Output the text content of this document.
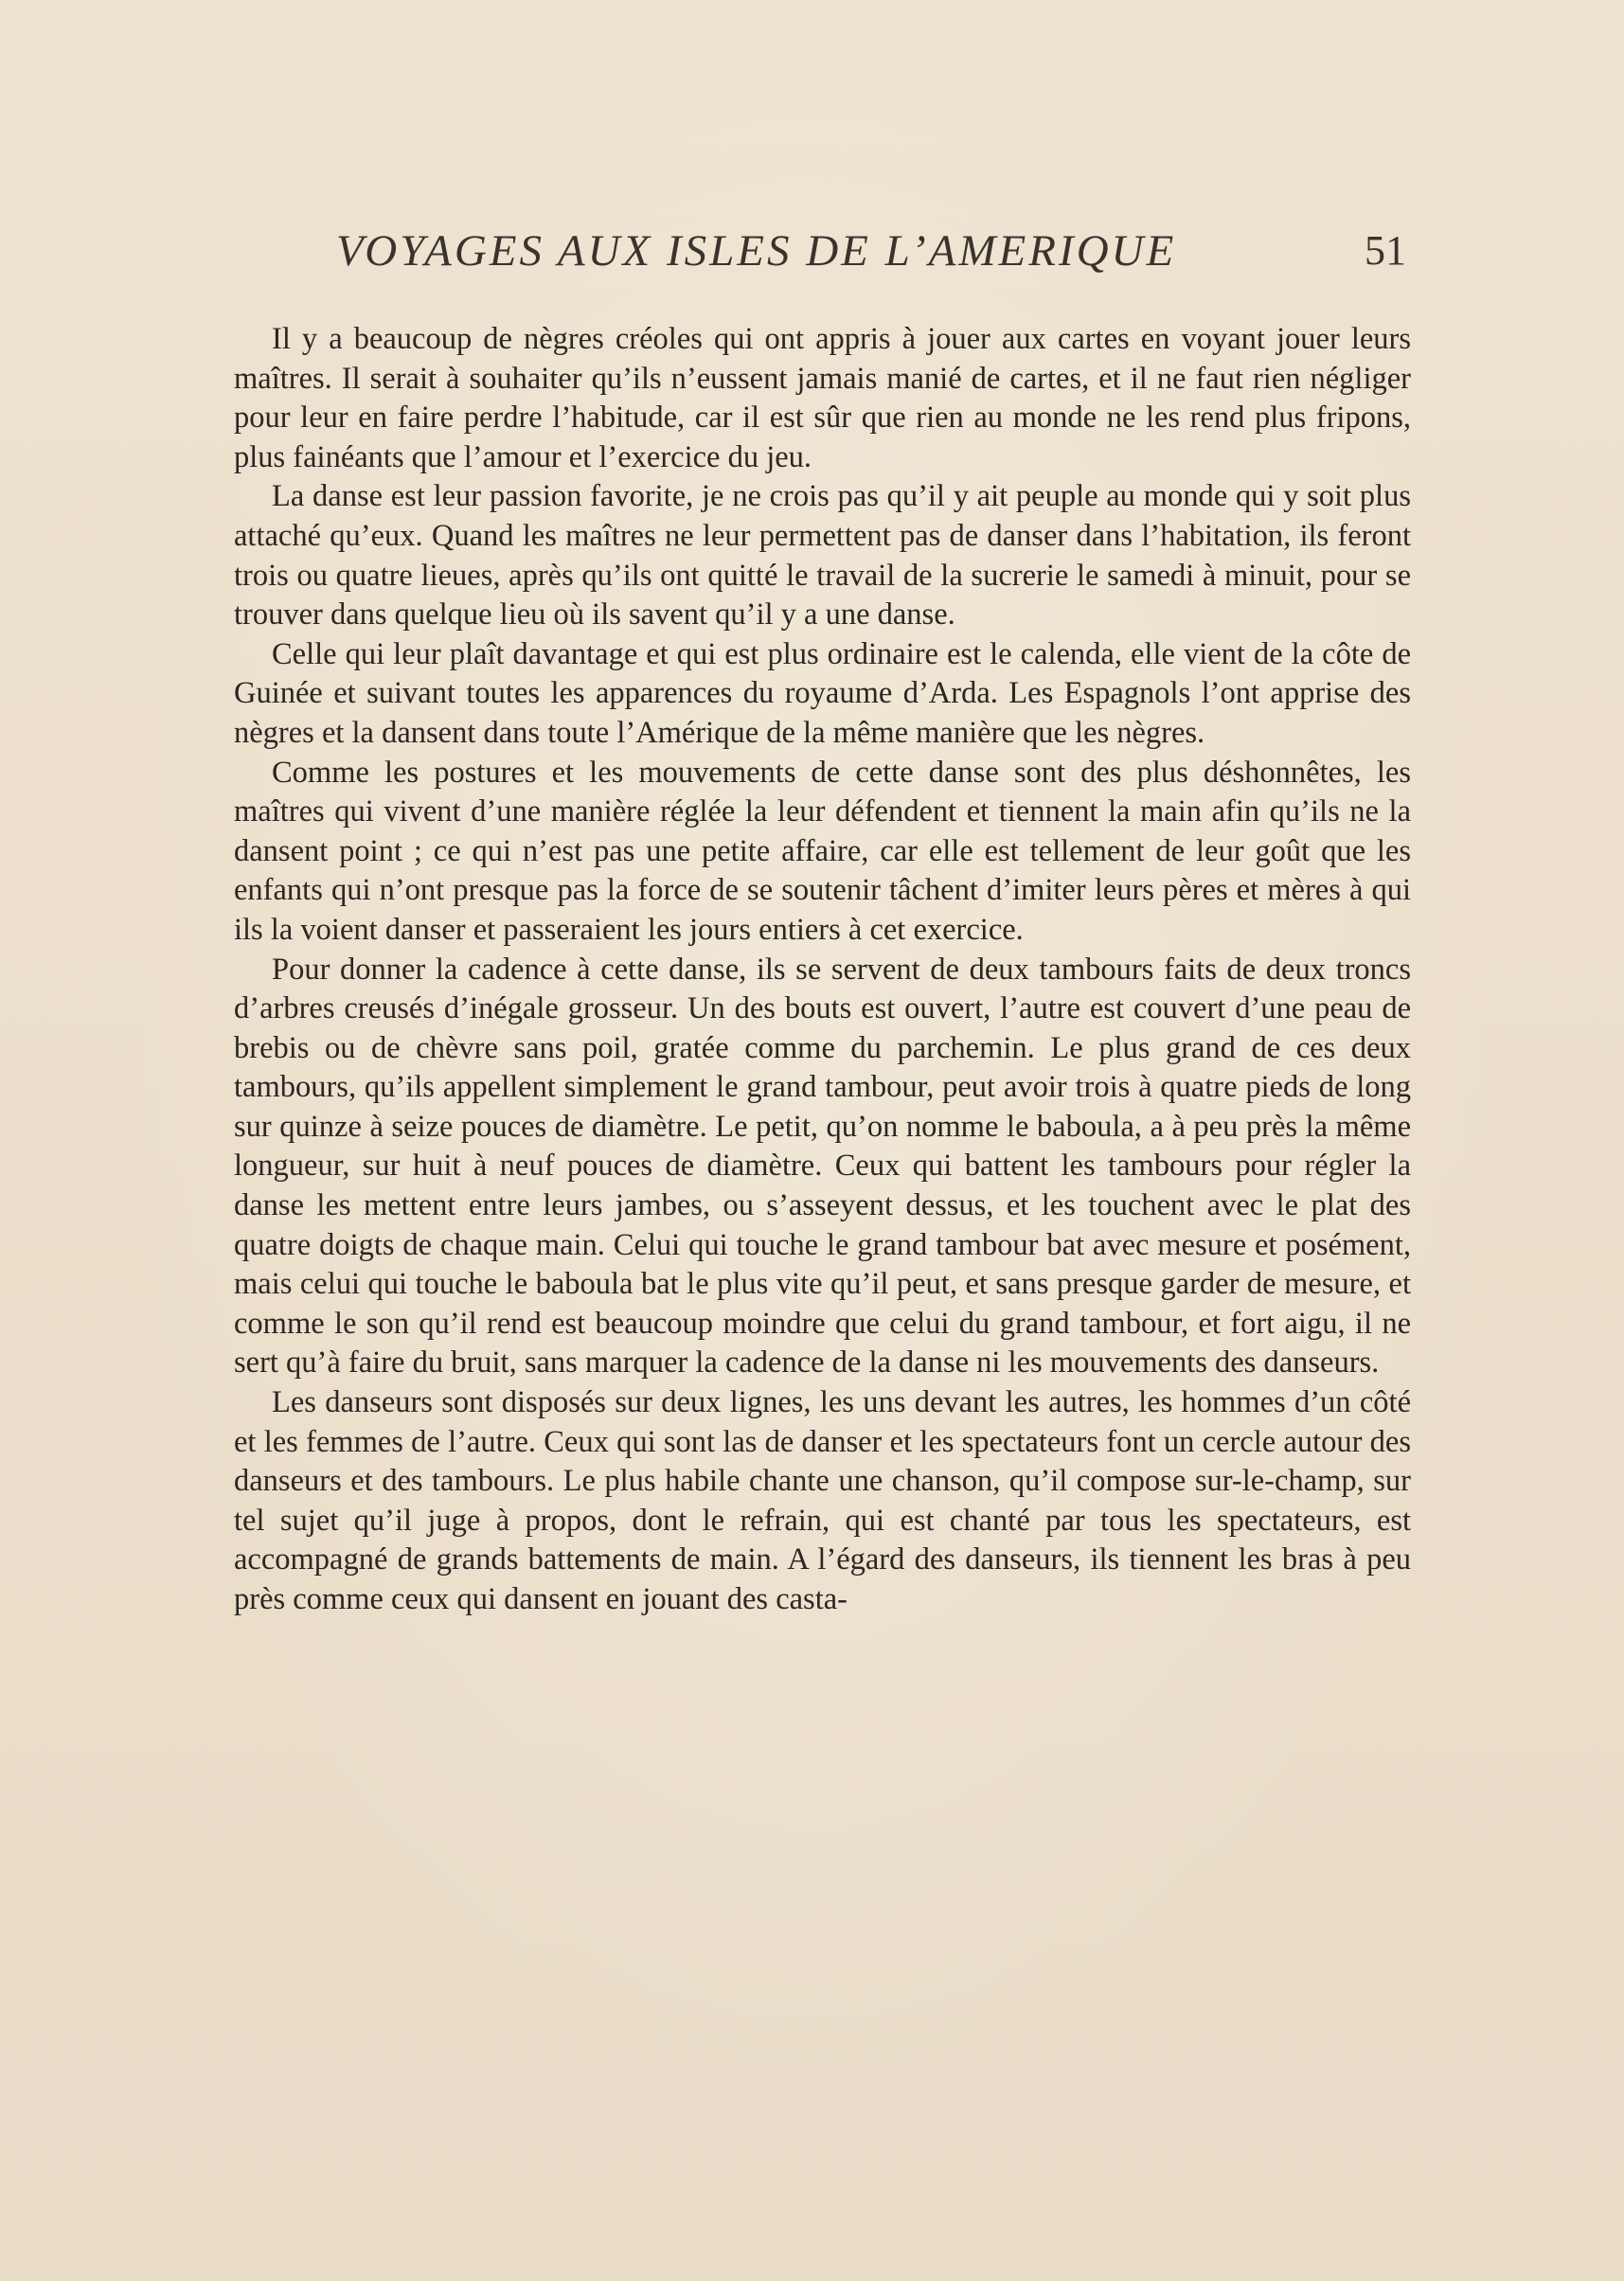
VOYAGES AUX ISLES DE L’AMERIQUE	51

Il y a beaucoup de nègres créoles qui ont appris à jouer aux cartes en voyant jouer leurs maîtres. Il serait à souhaiter qu’ils n’eussent jamais manié de cartes, et il ne faut rien négliger pour leur en faire perdre l’habitude, car il est sûr que rien au monde ne les rend plus fripons, plus fainéants que l’amour et l’exercice du jeu.

La danse est leur passion favorite, je ne crois pas qu’il y ait peuple au monde qui y soit plus attaché qu’eux. Quand les maîtres ne leur permettent pas de danser dans l’habitation, ils feront trois ou quatre lieues, après qu’ils ont quitté le travail de la sucrerie le samedi à minuit, pour se trouver dans quelque lieu où ils savent qu’il y a une danse.

Celle qui leur plaît davantage et qui est plus ordinaire est le calenda, elle vient de la côte de Guinée et suivant toutes les apparences du royaume d’Arda. Les Espagnols l’ont apprise des nègres et la dansent dans toute l’Amérique de la même manière que les nègres.

Comme les postures et les mouvements de cette danse sont des plus déshonnêtes, les maîtres qui vivent d’une manière réglée la leur défendent et tiennent la main afin qu’ils ne la dansent point ; ce qui n’est pas une petite affaire, car elle est tellement de leur goût que les enfants qui n’ont presque pas la force de se soutenir tâchent d’imiter leurs pères et mères à qui ils la voient danser et passeraient les jours entiers à cet exercice.

Pour donner la cadence à cette danse, ils se servent de deux tambours faits de deux troncs d’arbres creusés d’inégale grosseur. Un des bouts est ouvert, l’autre est couvert d’une peau de brebis ou de chèvre sans poil, gratée comme du parchemin. Le plus grand de ces deux tambours, qu’ils appellent simplement le grand tambour, peut avoir trois à quatre pieds de long sur quinze à seize pouces de diamètre. Le petit, qu’on nomme le baboula, a à peu près la même longueur, sur huit à neuf pouces de diamètre. Ceux qui battent les tambours pour régler la danse les mettent entre leurs jambes, ou s’asseyent dessus, et les touchent avec le plat des quatre doigts de chaque main. Celui qui touche le grand tambour bat avec mesure et posément, mais celui qui touche le baboula bat le plus vite qu’il peut, et sans presque garder de mesure, et comme le son qu’il rend est beaucoup moindre que celui du grand tambour, et fort aigu, il ne sert qu’à faire du bruit, sans marquer la cadence de la danse ni les mouvements des danseurs.

Les danseurs sont disposés sur deux lignes, les uns devant les autres, les hommes d’un côté et les femmes de l’autre. Ceux qui sont las de danser et les spectateurs font un cercle autour des danseurs et des tambours. Le plus habile chante une chanson, qu’il compose sur-le-champ, sur tel sujet qu’il juge à propos, dont le refrain, qui est chanté par tous les spectateurs, est accompagné de grands battements de main. A l’égard des danseurs, ils tiennent les bras à peu près comme ceux qui dansent en jouant des casta-
